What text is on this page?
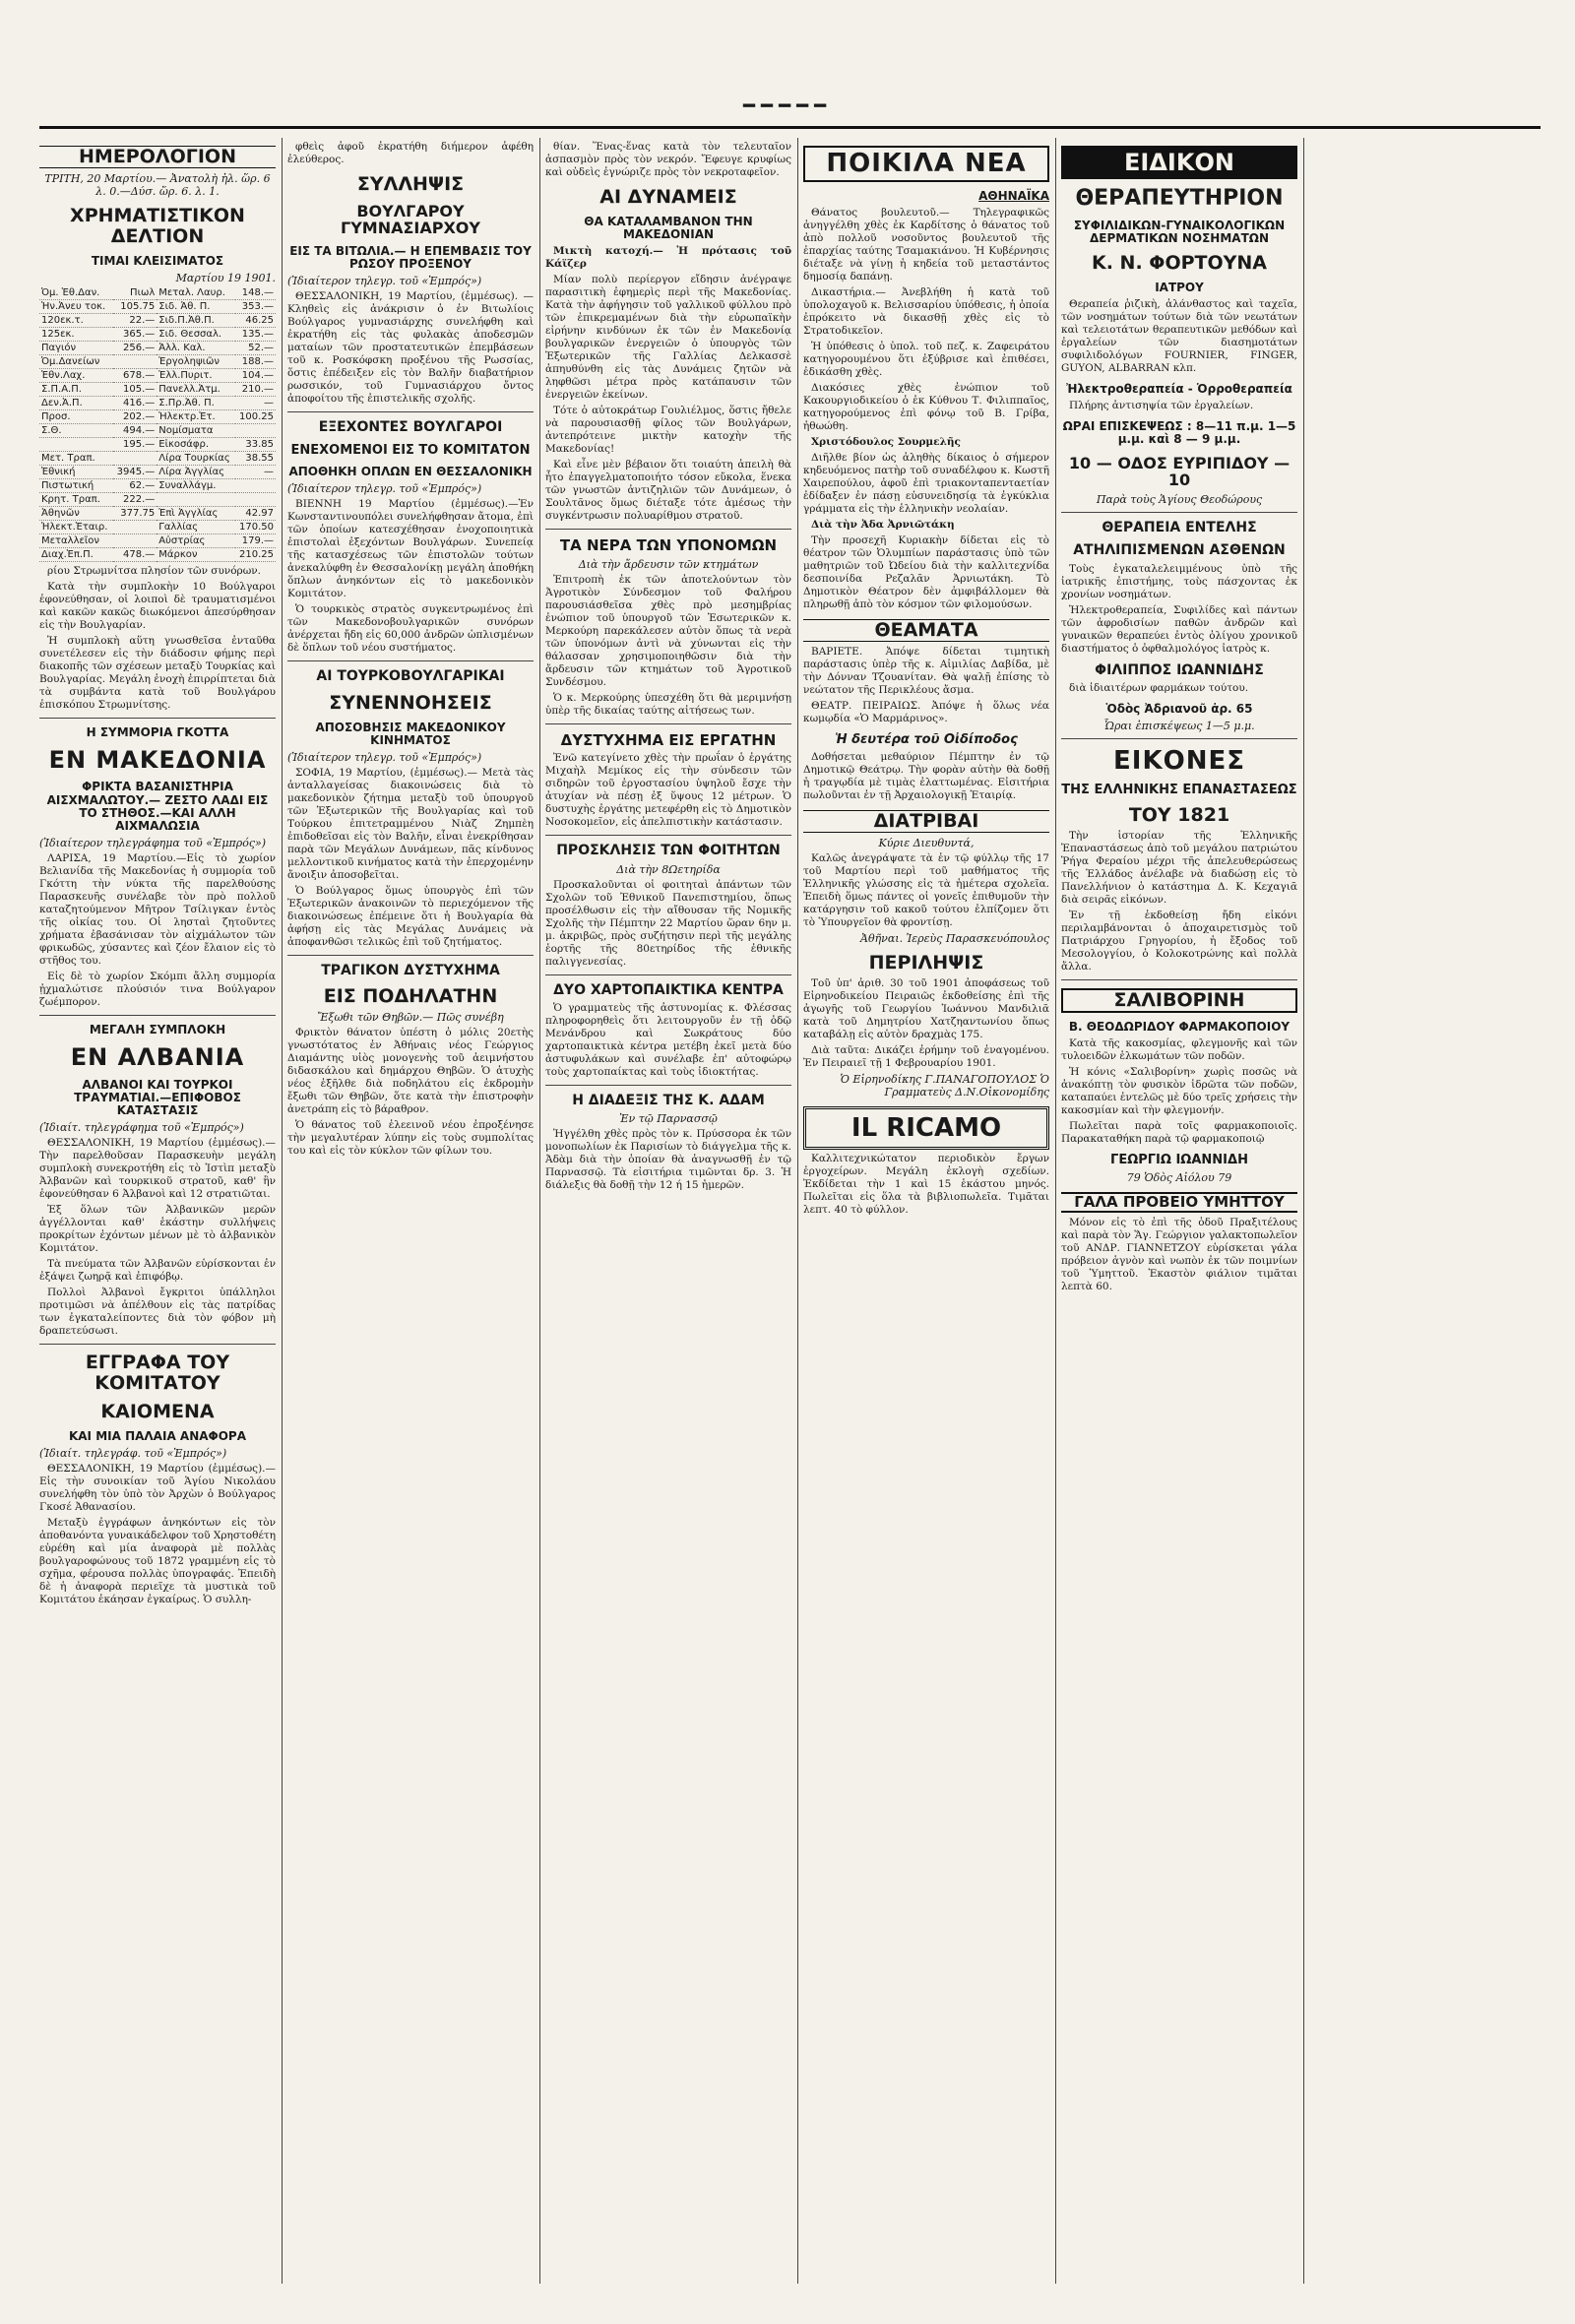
━━━━━
ΗΜΕΡΟΛΟΓΙΟΝ
ΤΡΙΤΗ, 20 Μαρτίου.— Ἀνατολὴ ἡλ. ὥρ. 6 λ. 0.—Δύσ. ὥρ. 6. λ. 1.
ΧΡΗΜΑΤΙΣΤΙΚΟΝ ΔΕΛΤΙΟΝ
ΤΙΜΑΙ ΚΛΕΙΣΙΜΑΤΟΣ
Μαρτίου 19 1901.
Ὀμ. Ἐθ.Δαν.	Πιωλ	Μεταλ. Λαυρ.	148.—
Ἠν.Ἀνευ τοκ.	105.75	Σιδ. Ἀθ. Π.	353.—
120εκ.τ.	22.—	Σιδ.Π.Ἀθ.Π.	46.25
125εκ.	365.—	Σιδ. Θεσσαλ.	135.—
Παγιόν	256.—	Ἀλλ. Καλ.	52.—
Ὀμ.Δανείων		Ἐργοληψιῶν	188.—
Ἐθν.Λαχ.	678.—	Ἑλλ.Πυριτ.	104.—
Σ.Π.Α.Π.	105.—	Πανελλ.Ἀτμ.	210.—
Δεν.Ἀ.Π.	416.—	Σ.Πρ.Ἀθ. Π.	—
Προσ.	202.—	Ἠλεκτρ.Ἑτ.	100.25
Σ.Θ.	494.—	Νομίσματα	
	195.—	Εἰκοσάφρ.	33.85
Μετ. Τραπ.		Λίρα Τουρκίας	38.55
Ἐθνική	3945.—	Λίρα Ἀγγλίας	—
Πιστωτική	62.—	Συναλλάγμ.	
Κρητ. Τραπ.	222.—		
Ἀθηνῶν	377.75	Ἐπὶ Ἀγγλίας	42.97
Ἠλεκτ.Ἑταιρ.		Γαλλίας	170.50
Μεταλλεῖον		Αὐστρίας	179.—
Διαχ.Ἐπ.Π.	478.—	Μάρκον	210.25

ρίου Στρωμνίτσα πλησίον τῶν συνόρων.

Κατὰ τὴν συμπλοκὴν 10 Βούλγαροι ἐφονεύθησαν, οἱ λοιποὶ δὲ τραυματισμένοι καὶ κακῶν κακῶς διωκόμενοι ἀπεσύρθησαν εἰς τὴν Βουλγαρίαν.

Ἡ συμπλοκὴ αὕτη γνωσθεῖσα ἐνταῦθα συνετέλεσεν εἰς τὴν διάδοσιν φήμης περὶ διακοπῆς τῶν σχέσεων μεταξὺ Τουρκίας καὶ Βουλγαρίας. Μεγάλη ἐνοχὴ ἐπιρρίπτεται διὰ τὰ συμβάντα κατὰ τοῦ Βουλγάρου ἐπισκόπου Στρωμνίτσης.

Η ΣΥΜΜΟΡΙΑ ΓΚΟΤΤΑ
ΕΝ ΜΑΚΕΔΟΝΙΑ
ΦΡΙΚΤΑ ΒΑΣΑΝΙΣΤΗΡΙΑ ΑΙΣΧΜΑΛΩΤΟΥ.— ΖΕΣΤΟ ΛΑΔΙ ΕΙΣ ΤΟ ΣΤΗΘΟΣ.—ΚΑΙ ΑΛΛΗ ΑΙΧΜΑΛΩΣΙΑ
(Ἰδιαίτερον τηλεγράφημα τοῦ «Ἐμπρός»)

ΛΑΡΙΣΑ, 19 Μαρτίου.—Εἰς τὸ χωρίον Βελιανίδα τῆς Μακεδονίας ἡ συμμορία τοῦ Γκόττη τὴν νύκτα τῆς παρελθούσης Παρασκευῆς συνέλαβε τὸν πρὸ πολλοῦ καταζητούμενον Μῆτρον Τσίλιγκαν ἐντὸς τῆς οἰκίας του. Οἱ λησταὶ ζητοῦντες χρήματα ἐβασάνισαν τὸν αἰχμάλωτον τῶν φρικωδῶς, χύσαντες καὶ ζέον ἔλαιον εἰς τὸ στῆθος του.

Εἰς δὲ τὸ χωρίον Σκόμπι ἄλλη συμμορία ᾐχμαλώτισε πλούσιόν τινα Βούλγαρον ζωέμπορον.

ΜΕΓΑΛΗ ΣΥΜΠΛΟΚΗ
ΕΝ ΑΛΒΑΝΙΑ
ΑΛΒΑΝΟΙ ΚΑΙ ΤΟΥΡΚΟΙ ΤΡΑΥΜΑΤΙΑΙ.—ΕΠΙΦΟΒΟΣ ΚΑΤΑΣΤΑΣΙΣ
(Ἰδιαίτ. τηλεγράφημα τοῦ «Ἐμπρός»)

ΘΕΣΣΑΛΟΝΙΚΗ, 19 Μαρτίου (ἐμμέσως).— Τὴν παρελθοῦσαν Παρασκευὴν μεγάλη συμπλοκὴ συνεκροτήθη εἰς τὸ Ἰστὶπ μεταξὺ Ἀλβανῶν καὶ τουρκικοῦ στρατοῦ, καθ' ἣν ἐφονεύθησαν 6 Ἀλβανοὶ καὶ 12 στρατιῶται.

Ἐξ ὅλων τῶν Ἀλβανικῶν μερῶν ἀγγέλλονται καθ' ἑκάστην συλλήψεις προκρίτων ἐχόντων μένων μὲ τὸ ἀλβανικὸν Κομιτάτον.

Τὰ πνεύματα τῶν Ἀλβανῶν εὑρίσκονται ἐν ἐξάψει ζωηρᾷ καὶ ἐπιφόβῳ.

Πολλοὶ Ἀλβανοὶ ἔγκριτοι ὑπάλληλοι προτιμῶσι νὰ ἀπέλθουν εἰς τὰς πατρίδας των ἐγκαταλείποντες διὰ τὸν φόβον μὴ δραπετεύσωσι.

ΕΓΓΡΑΦΑ ΤΟΥ ΚΟΜΙΤΑΤΟΥ
ΚΑΙΟΜΕΝΑ
ΚΑΙ ΜΙΑ ΠΑΛΑΙΑ ΑΝΑΦΟΡΑ
(Ἰδιαίτ. τηλεγράφ. τοῦ «Ἐμπρός»)

ΘΕΣΣΑΛΟΝΙΚΗ, 19 Μαρτίου (ἐμμέσως).—Εἰς τὴν συνοικίαν τοῦ Ἁγίου Νικολάου συνελήφθη τὸν ὑπὸ τὸν Ἀρχὼν ὁ Βούλγαρος Γκοσέ Ἀθανασίου.

Μεταξὺ ἐγγράφων ἀνηκόντων εἰς τὸν ἀποθανόντα γυναικάδελφον τοῦ Χρηστοθέτη εὑρέθη καὶ μία ἀναφορὰ μὲ πολλὰς βουλγαροφώνους τοῦ 1872 γραμμένη εἰς τὸ σχῆμα, φέρουσα πολλὰς ὑπογραφάς. Ἐπειδὴ δὲ ἡ ἀναφορὰ περιεῖχε τὰ μυστικὰ τοῦ Κομιτάτου ἐκάησαν ἐγκαίρως. Ὁ συλλη-

φθεὶς ἀφοῦ ἐκρατήθη διήμερον ἀφέθη ἐλεύθερος.

ΣΥΛΛΗΨΙΣ
ΒΟΥΛΓΑΡΟΥ ΓΥΜΝΑΣΙΑΡΧΟΥ
ΕΙΣ ΤΑ ΒΙΤΩΛΙΑ.— Η ΕΠΕΜΒΑΣΙΣ ΤΟΥ ΡΩΣΟΥ ΠΡΟΞΕΝΟΥ
(Ἰδιαίτερον τηλεγρ. τοῦ «Ἐμπρός»)

ΘΕΣΣΑΛΟΝΙΚΗ, 19 Μαρτίου, (ἐμμέσως). — Κληθεὶς εἰς ἀνάκρισιν ὁ ἐν Βιτωλίοις Βούλγαρος γυμνασιάρχης συνελήφθη καὶ ἐκρατήθη εἰς τὰς φυλακὰς ἀποδεσμῶν ματαίων τῶν προστατευτικῶν ἐπεμβάσεων τοῦ κ. Ροσκόφσκη προξένου τῆς Ρωσσίας, ὅστις ἐπέδειξεν εἰς τὸν Βαλῆν διαβατήριον ρωσσικόν, τοῦ Γυμνασιάρχου ὄντος ἀποφοίτου τῆς ἐπιστελικῆς σχολῆς.

ΕΞΕΧΟΝΤΕΣ ΒΟΥΛΓΑΡΟΙ
ΕΝΕΧΟΜΕΝΟΙ ΕΙΣ ΤΟ ΚΟΜΙΤΑΤΟΝ
ΑΠΟΘΗΚΗ ΟΠΛΩΝ ΕΝ ΘΕΣΣΑΛΟΝΙΚΗ
(Ἰδιαίτερον τηλεγρ. τοῦ «Ἐμπρός»)

ΒΙΕΝΝΗ 19 Μαρτίου (ἐμμέσως).—Ἐν Κωνσταντινουπόλει συνελήφθησαν ἄτομα, ἐπὶ τῶν ὁποίων κατεσχέθησαν ἐνοχοποιητικὰ ἐπιστολαὶ ἐξεχόντων Βουλγάρων. Συνεπείᾳ τῆς κατασχέσεως τῶν ἐπιστολῶν τούτων ἀνεκαλύφθη ἐν Θεσσαλονίκῃ μεγάλη ἀποθήκη ὅπλων ἀνηκόντων εἰς τὸ μακεδονικὸν Κομιτάτον.

Ὁ τουρκικὸς στρατὸς συγκεντρωμένος ἐπὶ τῶν Μακεδονοβουλγαρικῶν συνόρων ἀνέρχεται ἤδη εἰς 60,000 ἀνδρῶν ὡπλισμένων δὲ ὅπλων τοῦ νέου συστήματος.

ΑΙ ΤΟΥΡΚΟΒΟΥΛΓΑΡΙΚΑΙ
ΣΥΝΕΝΝΟΗΣΕΙΣ
ΑΠΟΣΟΒΗΣΙΣ ΜΑΚΕΔΟΝΙΚΟΥ ΚΙΝΗΜΑΤΟΣ
(Ἰδιαίτερον τηλεγρ. τοῦ «Ἐμπρός»)

ΣΟΦΙΑ, 19 Μαρτίου, (ἐμμέσως).— Μετὰ τὰς ἀνταλλαγείσας διακοινώσεις διὰ τὸ μακεδονικὸν ζήτημα μεταξὺ τοῦ ὑπουργοῦ τῶν Ἐξωτερικῶν τῆς Βουλγαρίας καὶ τοῦ Τούρκου ἐπιτετραμμένου Νιὰζ Ζημπὲη ἐπιδοθεῖσαι εἰς τὸν Βαλῆν, εἶναι ἐνεκρίθησαν παρὰ τῶν Μεγάλων Δυνάμεων, πᾶς κίνδυνος μελλοντικοῦ κινήματος κατὰ τὴν ἐπερχομένην ἄνοιξιν ἀποσοβεῖται.

Ὁ Βούλγαρος ὅμως ὑπουργὸς ἐπὶ τῶν Ἐξωτερικῶν ἀνακοινῶν τὸ περιεχόμενον τῆς διακοινώσεως ἐπέμεινε ὅτι ἡ Βουλγαρία θὰ ἀφήσῃ εἰς τὰς Μεγάλας Δυνάμεις νὰ ἀποφανθῶσι τελικῶς ἐπὶ τοῦ ζητήματος.

ΤΡΑΓΙΚΟΝ ΔΥΣΤΥΧΗΜΑ
ΕΙΣ ΠΟΔΗΛΑΤΗΝ
Ἔξωθι τῶν Θηβῶν.— Πῶς συνέβη

Φρικτὸν θάνατον ὑπέστη ὁ μόλις 20ετὴς γνωστότατος ἐν Ἀθήναις νέος Γεώργιος Διαμάντης υἱὸς μονογενὴς τοῦ ἀειμνήστου διδασκάλου καὶ δημάρχου Θηβῶν. Ὁ ἀτυχὴς νέος ἐξῆλθε διὰ ποδηλάτου εἰς ἐκδρομὴν ἔξωθι τῶν Θηβῶν, ὅτε κατὰ τὴν ἐπιστροφὴν ἀνετράπη εἰς τὸ βάραθρον.

Ὁ θάνατος τοῦ ἐλεεινοῦ νέου ἐπροξένησε τὴν μεγαλυτέραν λύπην εἰς τοὺς συμπολίτας του καὶ εἰς τὸν κύκλον τῶν φίλων του.

θίαν. Ἕνας-ἕνας κατὰ τὸν τελευταῖον ἀσπασμὸν πρὸς τὸν νεκρόν. Ἔφευγε κρυφίως καὶ οὐδεὶς ἐγνώριζε πρὸς τὸν νεκροταφεῖον.

ΑΙ ΔΥΝΑΜΕΙΣ
ΘΑ ΚΑΤΑΛΑΜΒΑΝΟΝ ΤΗΝ ΜΑΚΕΔΟΝΙΑΝ

Μικτὴ κατοχή.— Ἡ πρότασις τοῦ Κάϊζερ

Μίαν πολὺ περίεργον εἴδησιν ἀνέγραψε παρασιτικὴ ἐφημερὶς περὶ τῆς Μακεδονίας. Κατὰ τὴν ἀφήγησιν τοῦ γαλλικοῦ φύλλου πρὸ τῶν ἐπικρεμαμένων διὰ τὴν εὐρωπαϊκὴν εἰρήνην κινδύνων ἐκ τῶν ἐν Μακεδονίᾳ βουλγαρικῶν ἐνεργειῶν ὁ ὑπουργὸς τῶν Ἐξωτερικῶν τῆς Γαλλίας Δελκασσὲ ἀπηυθύνθη εἰς τὰς Δυνάμεις ζητῶν νὰ ληφθῶσι μέτρα πρὸς κατάπαυσιν τῶν ἐνεργειῶν ἐκείνων.

Τότε ὁ αὐτοκράτωρ Γουλιέλμος, ὅστις ἤθελε νὰ παρουσιασθῇ φίλος τῶν Βουλγάρων, ἀντεπρότεινε μικτὴν κατοχὴν τῆς Μακεδονίας!

Καὶ εἶνε μὲν βέβαιον ὅτι τοιαύτη ἀπειλὴ θὰ ἦτο ἐπαγγελματοποιήτο τόσον εὔκολα, ἕνεκα τῶν γνωστῶν ἀντιζηλιῶν τῶν Δυνάμεων, ὁ Σουλτᾶνος ὅμως διέταξε τότε ἀμέσως τὴν συγκέντρωσιν πολυαρίθμου στρατοῦ.

ΤΑ ΝΕΡΑ ΤΩΝ ΥΠΟΝΟΜΩΝ
Διὰ τὴν ἄρδευσιν τῶν κτημάτων

Ἐπιτροπὴ ἐκ τῶν ἀποτελούντων τὸν Ἀγροτικὸν Σύνδεσμον τοῦ Φαλήρου παρουσιάσθεῖσα χθὲς πρὸ μεσημβρίας ἐνώπιον τοῦ ὑπουργοῦ τῶν Ἐσωτερικῶν κ. Μερκούρη παρεκάλεσεν αὐτὸν ὅπως τὰ νερὰ τῶν ὑπονόμων ἀντὶ νὰ χύνωνται εἰς τὴν θάλασσαν χρησιμοποιηθῶσιν διὰ τὴν ἄρδευσιν τῶν κτημάτων τοῦ Ἀγροτικοῦ Συνδέσμου.

Ὁ κ. Μερκούρης ὑπεσχέθη ὅτι θὰ μεριμνήσῃ ὑπὲρ τῆς δικαίας ταύτης αἰτήσεως των.

ΔΥΣΤΥΧΗΜΑ ΕΙΣ ΕΡΓΑΤΗΝ

Ἐνῶ κατεγίνετο χθὲς τὴν πρωΐαν ὁ ἐργάτης Μιχαὴλ Μεμίκος εἰς τὴν σύνδεσιν τῶν σιδηρῶν τοῦ ἐργοστασίου ὑψηλοῦ ἔσχε τὴν ἀτυχίαν νὰ πέσῃ ἐξ ὕψους 12 μέτρων. Ὁ δυστυχὴς ἐργάτης μετεφέρθη εἰς τὸ Δημοτικὸν Νοσοκομεῖον, εἰς ἀπελπιστικὴν κατάστασιν.

ΠΡΟΣΚΛΗΣΙΣ ΤΩΝ ΦΟΙΤΗΤΩΝ
Διὰ τὴν 8Ωετηρίδα

Προσκαλοῦνται οἱ φοιτηταὶ ἁπάντων τῶν Σχολῶν τοῦ Ἐθνικοῦ Πανεπιστημίου, ὅπως προσέλθωσιν εἰς τὴν αἴθουσαν τῆς Νομικῆς Σχολῆς τὴν Πέμπτην 22 Μαρτίου ὥραν 6ην μ. μ. ἀκριβῶς, πρὸς συζήτησιν περὶ τῆς μεγάλης ἑορτῆς τῆς 80ετηρίδος τῆς ἐθνικῆς παλιγγενεσίας.

ΔΥΟ ΧΑΡΤΟΠΑΙΚΤΙΚΑ ΚΕΝΤΡΑ

Ὁ γραμματεὺς τῆς ἀστυνομίας κ. Φλέσσας πληροφορηθεὶς ὅτι λειτουργοῦν ἐν τῇ ὁδῷ Μενάνδρου καὶ Σωκράτους δύο χαρτοπαικτικὰ κέντρα μετέβη ἐκεῖ μετὰ δύο ἀστυφυλάκων καὶ συνέλαβε ἐπ' αὐτοφώρῳ τοὺς χαρτοπαίκτας καὶ τοὺς ἰδιοκτήτας.

Η ΔΙΑΔΕΞΙΣ ΤΗΣ Κ. ΑΔΑΜ
Ἐν τῷ Παρνασσῷ

Ἠγγέλθη χθὲς πρὸς τὸν κ. Πρύσσορα ἐκ τῶν μονοπωλίων ἐκ Παρισίων τὸ διάγγελμα τῆς κ. Ἀδὰμ διὰ τὴν ὁποίαν θὰ ἀναγνωσθῇ ἐν τῷ Παρνασσῷ. Τὰ εἰσιτήρια τιμῶνται δρ. 3. Ἡ διάλεξις θὰ δοθῇ τὴν 12 ή 15 ἡμερῶν.

ΠΟΙΚΙΛΑ ΝΕΑ
ΑΘΗΝΑΪΚΑ

Θάνατος βουλευτοῦ.— Τηλεγραφικῶς ἀνηγγέλθη χθὲς ἐκ Καρδίτσης ὁ θάνατος τοῦ ἀπὸ πολλοῦ νοσοῦντος βουλευτοῦ τῆς ἐπαρχίας ταύτης Τσαμακιάνου. Ἡ Κυβέρνησις διέταξε νὰ γίνῃ ἡ κηδεία τοῦ μεταστάντος δημοσίᾳ δαπάνῃ.

Δικαστήρια.— Ἀνεβλήθη ἡ κατὰ τοῦ ὑπολοχαγοῦ κ. Βελισσαρίου ὑπόθεσις, ἡ ὁποία ἐπρόκειτο νὰ δικασθῇ χθὲς εἰς τὸ Στρατοδικεῖον.

Ἡ ὑπόθεσις ὁ ὑπολ. τοῦ πεζ. κ. Ζαφειράτου κατηγορουμένου ὅτι ἐξύβρισε καὶ ἐπιθέσει, ἐδικάσθη χθὲς.

Διακόσιες χθὲς ἐνώπιον τοῦ Κακουργιοδικείου ὁ ἐκ Κύθνου Τ. Φιλιππαῖος, κατηγορούμενος ἐπὶ φόνῳ τοῦ Β. Γρίβα, ἠθωώθη.

Χριστόδουλος Σουρμελῆς

Διῆλθε βίον ὡς ἀληθὴς δίκαιος ὁ σήμερον κηδευόμενος πατὴρ τοῦ συναδέλφου κ. Κωστῆ Χαιρεπούλου, ἀφοῦ ἐπὶ τριακονταπενταετίαν ἐδίδαξεν ἐν πάσῃ εὐσυνειδησίᾳ τὰ ἐγκύκλια γράμματα εἰς τὴν ἑλληνικὴν νεολαίαν.

Διὰ τὴν Ἀδα Ἀρνιῶτάκη

Τὴν προσεχῆ Κυριακὴν δίδεται εἰς τὸ θέατρον τῶν Ὀλυμπίων παράστασις ὑπὸ τῶν μαθητριῶν τοῦ Ὠδείου διὰ τὴν καλλιτεχνίδα δεσποινίδα Ρεζαλᾶν Ἀρνιωτάκη. Τὸ Δημοτικὸν Θέατρον δὲν ἀμφιβάλλομεν θὰ πληρωθῇ ἀπὸ τὸν κόσμον τῶν φιλομούσων.

ΘΕΑΜΑΤΑ

ΒΑΡΙΕΤΕ. Ἀπόψε δίδεται τιμητικὴ παράστασις ὑπὲρ τῆς κ. Αἰμιλίας Δαβίδα, μὲ τὴν Δόνναν Τζουανίταν. Θὰ ψαλῇ ἐπίσης τὸ νεώτατον τῆς Περικλέους ἄσμα.

ΘΕΑΤΡ. ΠΕΙΡΑΙΩΣ. Ἀπόψε ἡ ὅλως νέα κωμῳδία «Ὁ Μαρμάρινος».

Ἡ δευτέρα τοῦ Οἰδίποδος

Δοθήσεται μεθαύριον Πέμπτην ἐν τῷ Δημοτικῷ Θεάτρῳ. Τὴν φορὰν αὐτὴν θὰ δοθῇ ἡ τραγῳδία μὲ τιμὰς ἐλαττωμένας. Εἰσιτήρια πωλοῦνται ἐν τῇ Ἀρχαιολογικῇ Ἑταιρίᾳ.

ΔΙΑΤΡΙΒΑΙ
Κύριε Διευθυντά,

Καλῶς ἀνεγράψατε τὰ ἐν τῷ φύλλῳ τῆς 17 τοῦ Μαρτίου περὶ τοῦ μαθήματος τῆς Ἑλληνικῆς γλώσσης εἰς τὰ ἡμέτερα σχολεῖα. Ἐπειδὴ ὅμως πάντες οἱ γονεῖς ἐπιθυμοῦν τὴν κατάργησιν τοῦ κακοῦ τούτου ἐλπίζομεν ὅτι τὸ Ὑπουργεῖον θὰ φροντίσῃ.

Ἀθῆναι. Ἱερεὺς Παρασκευόπουλος
ΠΕΡΙΛΗΨΙΣ

Τοῦ ὑπ' ἀριθ. 30 τοῦ 1901 ἀποφάσεως τοῦ Εἰρηνοδικείου Πειραιῶς ἐκδοθείσης ἐπὶ τῆς ἀγωγῆς τοῦ Γεωργίου Ἰωάννου Μανδιλιᾶ κατὰ τοῦ Δημητρίου Χατζηαντωνίου ὅπως καταβάλῃ εἰς αὐτὸν δραχμὰς 175.

Διὰ ταῦτα: Δικάζει ἐρήμην τοῦ ἐναγομένου. Ἐν Πειραιεῖ τῇ 1 Φεβρουαρίου 1901.

Ὁ Εἰρηνοδίκης Γ.ΠΑΝΑΓΟΠΟΥΛΟΣ Ὁ Γραμματεὺς Δ.Ν.Οἰκονομίδης
IL RICAMO

Καλλιτεχνικώτατον περιοδικὸν ἔργων ἐργοχείρων. Μεγάλη ἐκλογὴ σχεδίων. Ἐκδίδεται τὴν 1 καὶ 15 ἑκάστου μηνός. Πωλεῖται εἰς ὅλα τὰ βιβλιοπωλεῖα. Τιμᾶται λεπτ. 40 τὸ φύλλον.

ΕΙΔΙΚΟΝ
ΘΕΡΑΠΕΥΤΗΡΙΟΝ
ΣΥΦΙΛΙΔΙΚΩΝ-ΓΥΝΑΙΚΟΛΟΓΙΚΩΝ ΔΕΡΜΑΤΙΚΩΝ ΝΟΣΗΜΑΤΩΝ
Κ. Ν. ΦΟΡΤΟΥΝΑ
ΙΑΤΡΟΥ

Θεραπεία ῥιζικὴ, ἀλάνθαστος καὶ ταχεῖα, τῶν νοσημάτων τούτων διὰ τῶν νεωτάτων καὶ τελειοτάτων θεραπευτικῶν μεθόδων καὶ ἐργαλείων τῶν διασημοτάτων συφιλιδολόγων FOURNIER, FINGER, GUYON, ALBARRAN κλπ.

Ἠλεκτροθεραπεία - Ὀρροθεραπεία

Πλήρης ἀντισηψία τῶν ἐργαλείων.

ΩΡΑΙ ΕΠΙΣΚΕΨΕΩΣ : 8—11 π.μ. 1—5 μ.μ. καὶ 8 — 9 μ.μ.
10 — ΟΔΟΣ ΕΥΡΙΠΙΔΟΥ — 10
Παρὰ τοὺς Ἁγίους Θεοδώρους
ΘΕΡΑΠΕΙΑ ΕΝΤΕΛΗΣ
ΑΤΗΛΙΠΙΣΜΕΝΩΝ ΑΣΘΕΝΩΝ

Τοὺς ἐγκαταλελειμμένους ὑπὸ τῆς ἰατρικῆς ἐπιστήμης, τοὺς πάσχοντας ἐκ χρονίων νοσημάτων.

Ἠλεκτροθεραπεία, Συφιλίδες καὶ πάντων τῶν ἀφροδισίων παθῶν ἀνδρῶν καὶ γυναικῶν θεραπεύει ἐντὸς ὀλίγου χρονικοῦ διαστήματος ὁ ὀφθαλμολόγος ἰατρὸς κ.

ΦΙΛΙΠΠΟΣ ΙΩΑΝΝΙΔΗΣ

διὰ ἰδιαιτέρων φαρμάκων τούτου.

Ὁδὸς Ἀδριανοῦ ἀρ. 65
Ὧραι ἐπισκέψεως 1—5 μ.μ.
ΕΙΚΟΝΕΣ
ΤΗΣ ΕΛΛΗΝΙΚΗΣ ΕΠΑΝΑΣΤΑΣΕΩΣ
ΤΟΥ 1821

Τὴν ἱστορίαν τῆς Ἑλληνικῆς Ἐπαναστάσεως ἀπὸ τοῦ μεγάλου πατριώτου Ῥήγα Φεραίου μέχρι τῆς ἀπελευθερώσεως τῆς Ἑλλάδος ἀνέλαβε νὰ διαδώσῃ εἰς τὸ Πανελλήνιον ὁ κατάστημα Δ. Κ. Κεχαγιᾶ διὰ σειρᾶς εἰκόνων.

Ἐν τῇ ἐκδοθείσῃ ἤδη εἰκόνι περιλαμβάνονται ὁ ἀποχαιρετισμὸς τοῦ Πατριάρχου Γρηγορίου, ἡ ἔξοδος τοῦ Μεσολογγίου, ὁ Κολοκοτρώνης καὶ πολλὰ ἄλλα.

ΣΑΛΙΒΟΡΙΝΗ
Β. ΘΕΟΔΩΡΙΔΟΥ ΦΑΡΜΑΚΟΠΟΙΟΥ

Κατὰ τῆς κακοσμίας, φλεγμονῆς καὶ τῶν τυλοειδῶν ἑλκωμάτων τῶν ποδῶν.

Ἡ κόνις «Σαλιβορίνη» χωρὶς ποσῶς νὰ ἀνακόπτῃ τὸν φυσικὸν ἱδρῶτα τῶν ποδῶν, καταπαύει ἐντελῶς μὲ δύο τρεῖς χρήσεις τὴν κακοσμίαν καὶ τὴν φλεγμονήν.

Πωλεῖται παρὰ τοῖς φαρμακοποιοῖς. Παρακαταθήκη παρὰ τῷ φαρμακοποιῷ

ΓΕΩΡΓΙΩ ΙΩΑΝΝΙΔΗ
79 Ὁδὸς Αἰόλου 79
ΓΑΛΑ ΠΡΟΒΕΙΟ ΥΜΗΤΤΟΥ

Μόνον εἰς τὸ ἐπὶ τῆς ὁδοῦ Πραξιτέλους καὶ παρὰ τὸν Ἅγ. Γεώργιον γαλακτοπωλεῖον τοῦ ΑΝΔΡ. ΓΙΑΝΝΕΤΖΟΥ εὑρίσκεται γάλα πρόβειον ἁγνὸν καὶ νωπὸν ἐκ τῶν ποιμνίων τοῦ Ὑμηττοῦ. Ἐκαστὸν φιάλιον τιμᾶται λεπτὰ 60.
